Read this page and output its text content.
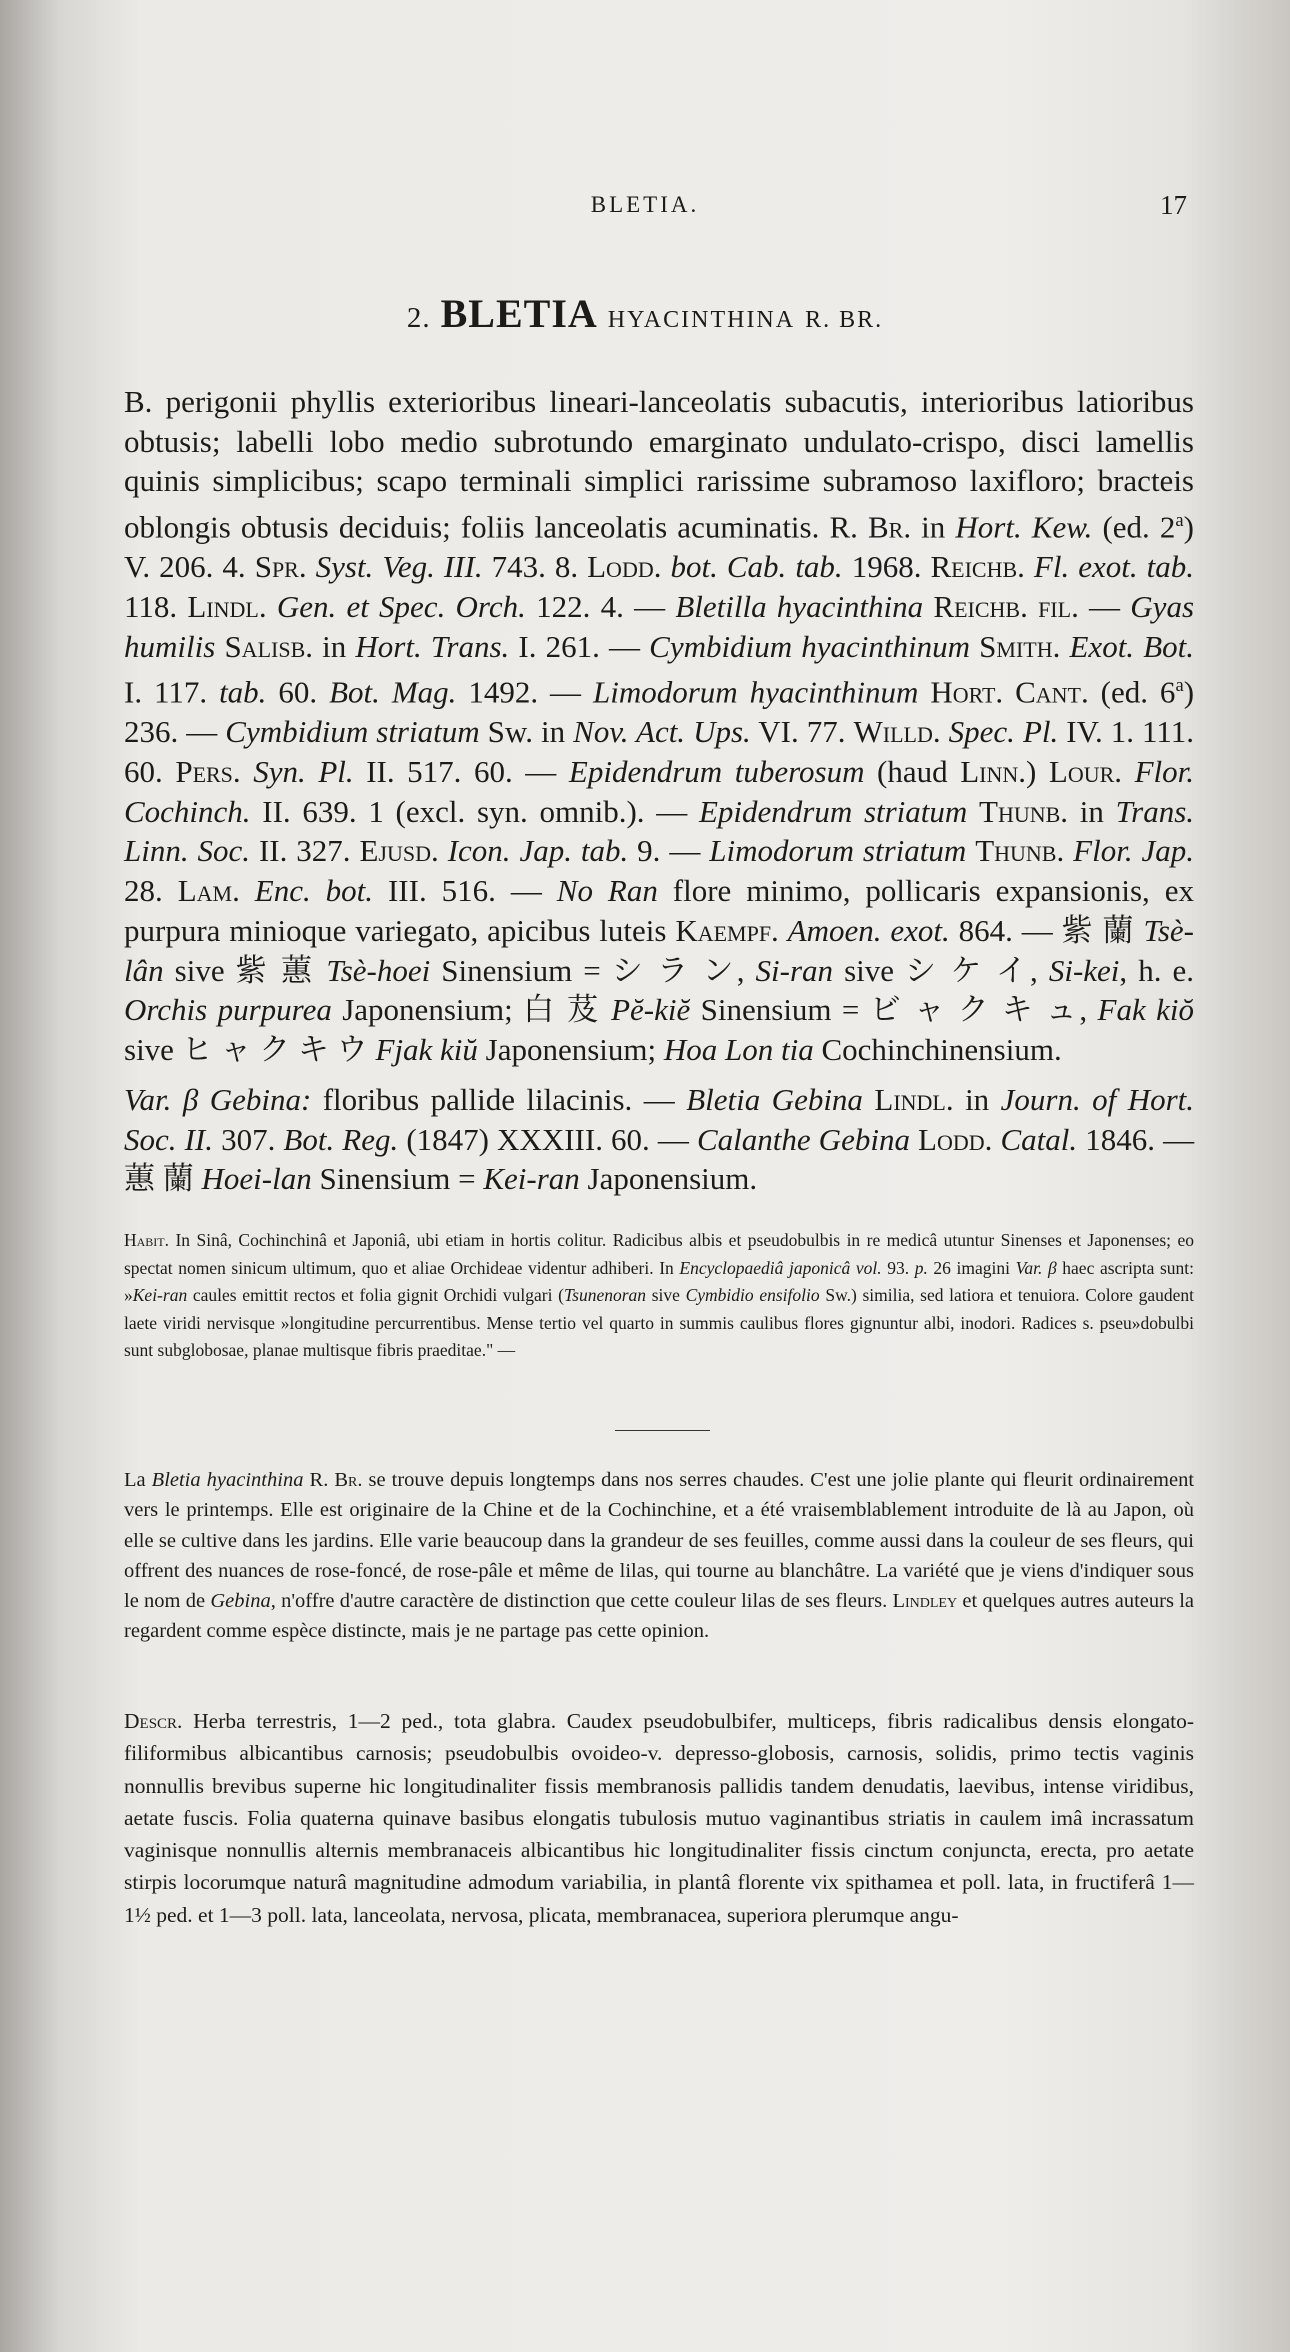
BLETIA.	17
2. BLETIA HYACINTHINA R. BR.

B. perigonii phyllis exterioribus lineari-lanceolatis subacutis, interioribus latioribus obtusis; labelli lobo medio subrotundo emarginato undulato-crispo, disci lamellis quinis simplicibus; scapo terminali simplici rarissime subramoso laxifloro; bracteis oblongis obtusis deciduis; foliis lanceolatis acuminatis. R. Br. in Hort. Kew. (ed. 2$^a$) V. 206. 4. Spr. Syst. Veg. III. 743. 8. Lodd. bot. Cab. tab. 1968. Reichb. Fl. exot. tab. 118. Lindl. Gen. et Spec. Orch. 122. 4. — Bletilla hyacinthina Reichb. fil. — Gyas humilis Salisb. in Hort. Trans. I. 261. — Cymbidium hyacinthinum Smith. Exot. Bot. I. 117. tab. 60. Bot. Mag. 1492. — Limodorum hyacinthinum Hort. Cant. (ed. 6$^a$) 236. — Cymbidium striatum Sw. in Nov. Act. Ups. VI. 77. Willd. Spec. Pl. IV. 1. 111. 60. Pers. Syn. Pl. II. 517. 60. — Epidendrum tuberosum (haud Linn.) Lour. Flor. Cochinch. II. 639. 1 (excl. syn. omnib.). — Epidendrum striatum Thunb. in Trans. Linn. Soc. II. 327. Ejusd. Icon. Jap. tab. 9. — Limodorum striatum Thunb. Flor. Jap. 28. Lam. Enc. bot. III. 516. — No Ran flore minimo, pollicaris expansionis, ex purpura minioque variegato, apicibus luteis Kaempf. Amoen. exot. 864. — 紫 蘭 Tsè-lân sive 紫 蕙 Tsè-hoei Sinensium = シ ラ ン, Si-ran sive シ ケ イ, Si-kei, h. e. Orchis purpurea Japonensium; 白 芨 Pĕ-kiĕ Sinensium = ビ ャ ク キ ュ, Fak kiŏ sive ヒ ャ ク キ ウ Fjak kiŭ Japonensium; Hoa Lon tia Cochinchinensium.

Var. β Gebina: floribus pallide lilacinis. — Bletia Gebina Lindl. in Journ. of Hort. Soc. II. 307. Bot. Reg. (1847) XXXIII. 60. — Calanthe Gebina Lodd. Catal. 1846. — 蕙 蘭 Hoei-lan Sinensium = Kei-ran Japonensium.

Habit. In Sinâ, Cochinchinâ et Japoniâ, ubi etiam in hortis colitur. Radicibus albis et pseudobulbis in re medicâ utuntur Sinenses et Japonenses; eo spectat nomen sinicum ultimum, quo et aliae Orchideae videntur adhiberi. In Encyclopaediâ japonicâ vol. 93. p. 26 imagini Var. β haec ascripta sunt: »Kei-ran caules emittit rectos et folia gignit Orchidi vulgari (Tsunenoran sive Cymbidio ensifolio Sw.) similia, sed latiora et tenuiora. Colore gaudent laete viridi nervisque »longitudine percurrentibus. Mense tertio vel quarto in summis caulibus flores gignuntur albi, inodori. Radices s. pseu»dobulbi sunt subglobosae, planae multisque fibris praeditae." —

La Bletia hyacinthina R. Br. se trouve depuis longtemps dans nos serres chaudes. C'est une jolie plante qui fleurit ordinairement vers le printemps. Elle est originaire de la Chine et de la Cochinchine, et a été vraisemblablement introduite de là au Japon, où elle se cultive dans les jardins. Elle varie beaucoup dans la grandeur de ses feuilles, comme aussi dans la couleur de ses fleurs, qui offrent des nuances de rose-foncé, de rose-pâle et même de lilas, qui tourne au blanchâtre. La variété que je viens d'indiquer sous le nom de Gebina, n'offre d'autre caractère de distinction que cette couleur lilas de ses fleurs. Lindley et quelques autres auteurs la regardent comme espèce distincte, mais je ne partage pas cette opinion.

Descr. Herba terrestris, 1—2 ped., tota glabra. Caudex pseudobulbifer, multiceps, fibris radicalibus densis elongato-filiformibus albicantibus carnosis; pseudobulbis ovoideo-v. depresso-globosis, carnosis, solidis, primo tectis vaginis nonnullis brevibus superne hic longitudinaliter fissis membranosis pallidis tandem denudatis, laevibus, intense viridibus, aetate fuscis. Folia quaterna quinave basibus elongatis tubulosis mutuo vaginantibus striatis in caulem imâ incrassatum vaginisque nonnullis alternis membranaceis albicantibus hic longitudinaliter fissis cinctum conjuncta, erecta, pro aetate stirpis locorumque naturâ magnitudine admodum variabilia, in plantâ florente vix spithamea et poll. lata, in fructiferâ 1—1½ ped. et 1—3 poll. lata, lanceolata, nervosa, plicata, membranacea, superiora plerumque angu-
